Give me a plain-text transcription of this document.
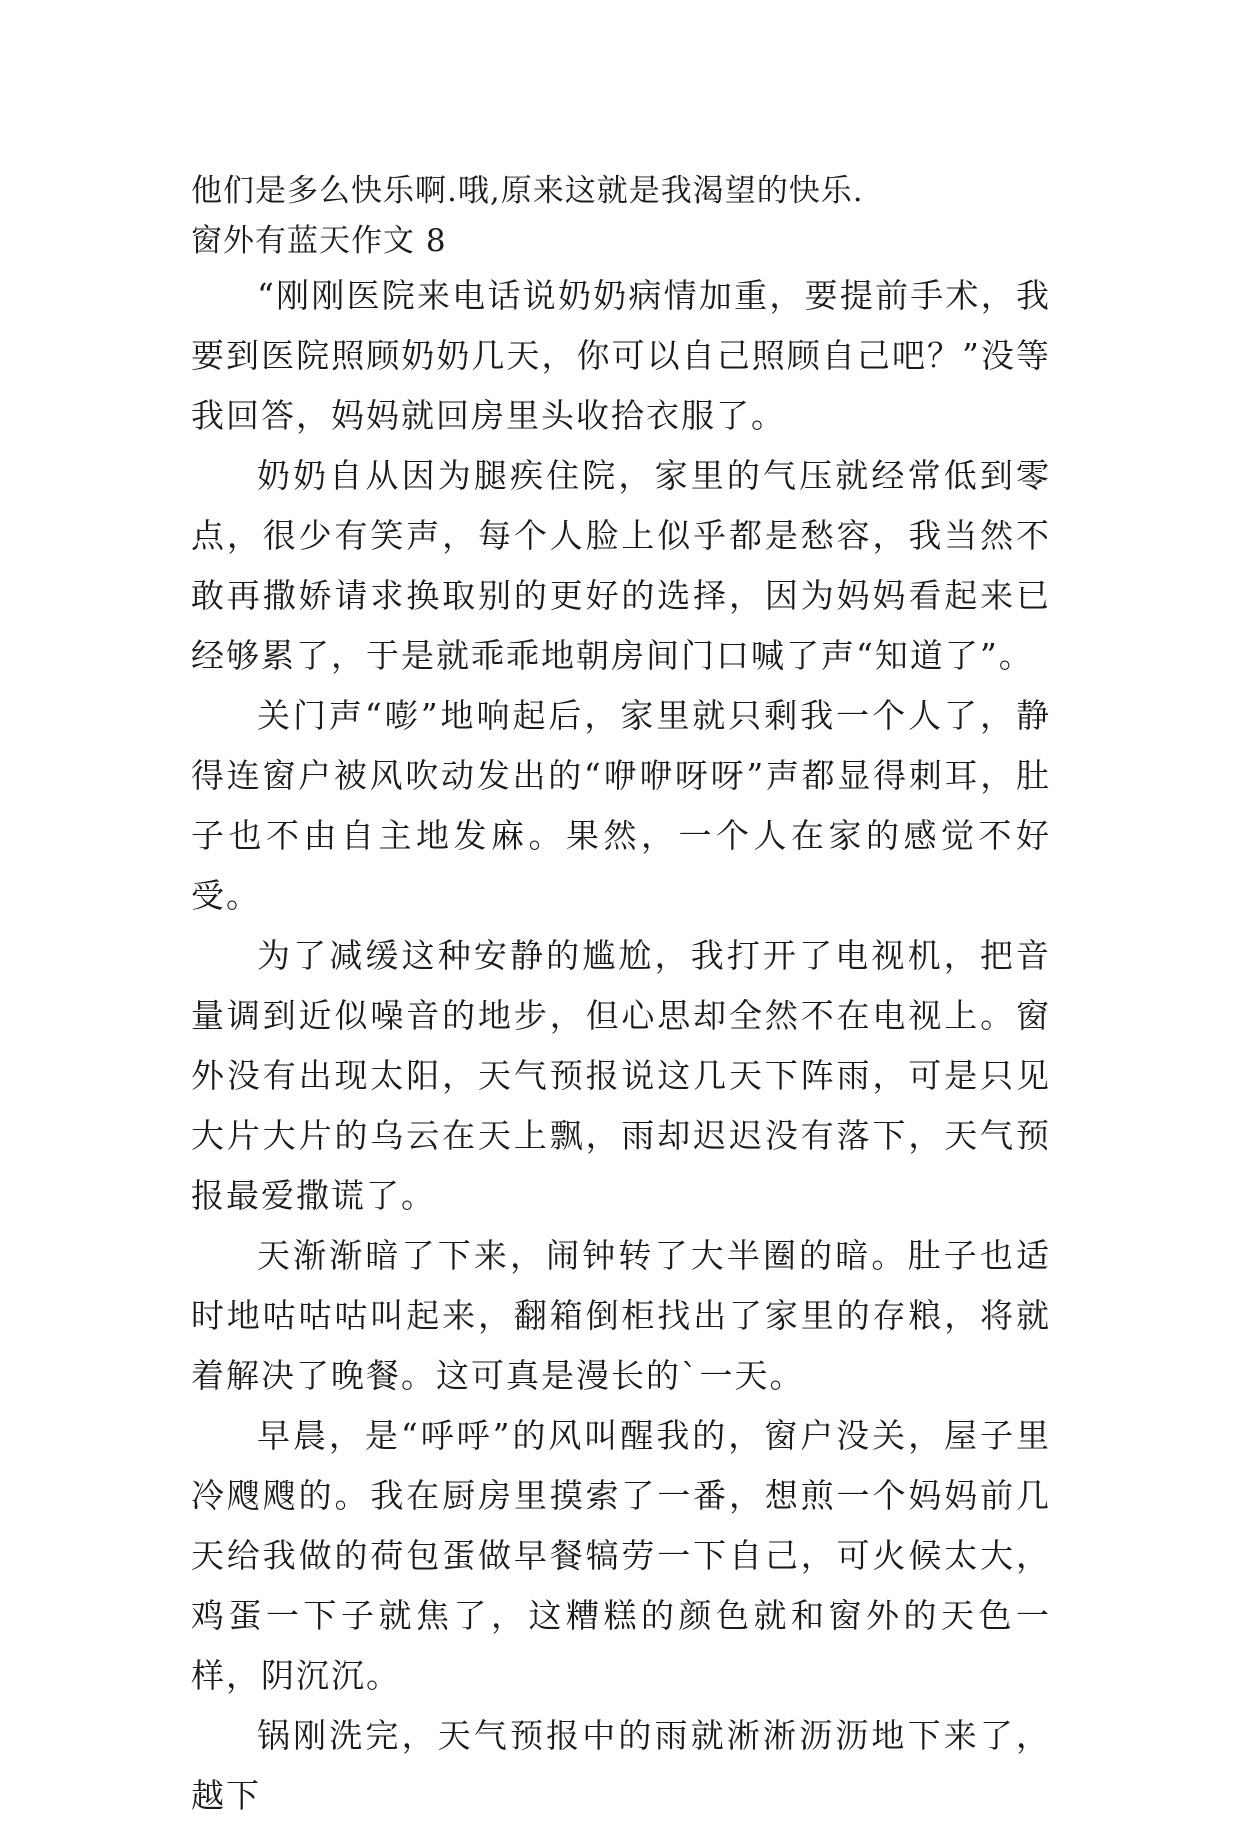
他们是多么快乐啊.哦,原来这就是我渴望的快乐.

窗外有蓝天作文 8

“刚刚医院来电话说奶奶病情加重，要提前手术，我要到医院照顾奶奶几天，你可以自己照顾自己吧？”没等我回答，妈妈就回房里头收拾衣服了。

奶奶自从因为腿疾住院，家里的气压就经常低到零点，很少有笑声，每个人脸上似乎都是愁容，我当然不敢再撒娇请求换取别的更好的选择，因为妈妈看起来已经够累了，于是就乖乖地朝房间门口喊了声“知道了”。

关门声“嘭”地响起后，家里就只剩我一个人了，静得连窗户被风吹动发出的“咿咿呀呀”声都显得刺耳，肚子也不由自主地发麻。果然，一个人在家的感觉不好受。

为了减缓这种安静的尴尬，我打开了电视机，把音量调到近似噪音的地步，但心思却全然不在电视上。窗外没有出现太阳，天气预报说这几天下阵雨，可是只见大片大片的乌云在天上飘，雨却迟迟没有落下，天气预报最爱撒谎了。

天渐渐暗了下来，闹钟转了大半圈的暗。肚子也适时地咕咕咕叫起来，翻箱倒柜找出了家里的存粮，将就着解决了晚餐。这可真是漫长的`一天。

早晨，是“呼呼”的风叫醒我的，窗户没关，屋子里冷飕飕的。我在厨房里摸索了一番，想煎一个妈妈前几天给我做的荷包蛋做早餐犒劳一下自己，可火候太大，鸡蛋一下子就焦了，这糟糕的颜色就和窗外的天色一样，阴沉沉。

锅刚洗完，天气预报中的雨就淅淅沥沥地下来了，越下
